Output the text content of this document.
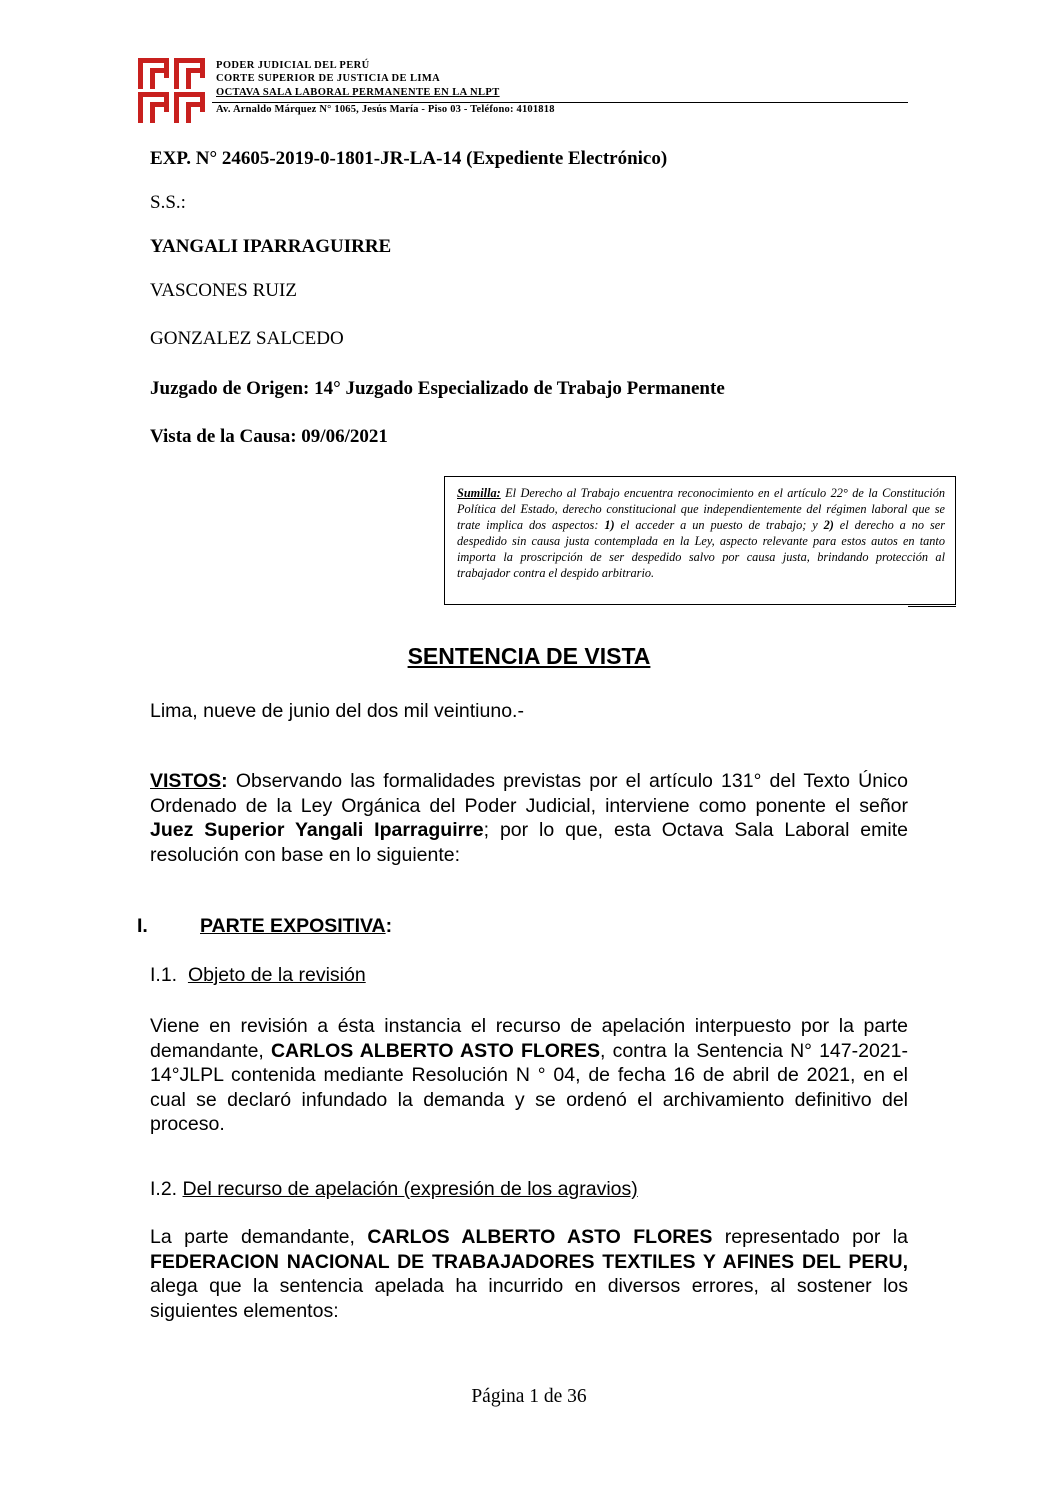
PODER JUDICIAL DEL PERÚ
CORTE SUPERIOR DE JUSTICIA DE LIMA
OCTAVA SALA LABORAL PERMANENTE EN LA NLPT
Av. Arnaldo Márquez N° 1065, Jesús María - Piso 03 - Teléfono: 4101818
EXP. N° 24605-2019-0-1801-JR-LA-14 (Expediente Electrónico)
S.S.:
YANGALI IPARRAGUIRRE
VASCONES RUIZ
GONZALEZ SALCEDO
Juzgado de Origen: 14° Juzgado Especializado de Trabajo Permanente
Vista de la Causa: 09/06/2021
Sumilla: El Derecho al Trabajo encuentra reconocimiento en el artículo 22° de la Constitución Política del Estado, derecho constitucional que independientemente del régimen laboral que se trate implica dos aspectos: 1) el acceder a un puesto de trabajo; y 2) el derecho a no ser despedido sin causa justa contemplada en la Ley, aspecto relevante para estos autos en tanto importa la proscripción de ser despedido salvo por causa justa, brindando protección al trabajador contra el despido arbitrario.
SENTENCIA DE VISTA
Lima, nueve de junio del dos mil veintiuno.-
VISTOS: Observando las formalidades previstas por el artículo 131° del Texto Único Ordenado de la Ley Orgánica del Poder Judicial, interviene como ponente el señor Juez Superior Yangali Iparraguirre; por lo que, esta Octava Sala Laboral emite resolución con base en lo siguiente:
I.	PARTE EXPOSITIVA:
I.1.  Objeto de la revisión
Viene en revisión a ésta instancia el recurso de apelación interpuesto por la parte demandante, CARLOS ALBERTO ASTO FLORES, contra la Sentencia N° 147-2021-14°JLPL contenida mediante Resolución N ° 04, de fecha 16 de abril de 2021, en el cual se declaró infundado la demanda y se ordenó el archivamiento definitivo del proceso.
I.2. Del recurso de apelación (expresión de los agravios)
La parte demandante, CARLOS ALBERTO ASTO FLORES representado por la FEDERACION NACIONAL DE TRABAJADORES TEXTILES Y AFINES DEL PERU, alega que la sentencia apelada ha incurrido en diversos errores, al sostener los siguientes elementos:
Página 1 de 36
